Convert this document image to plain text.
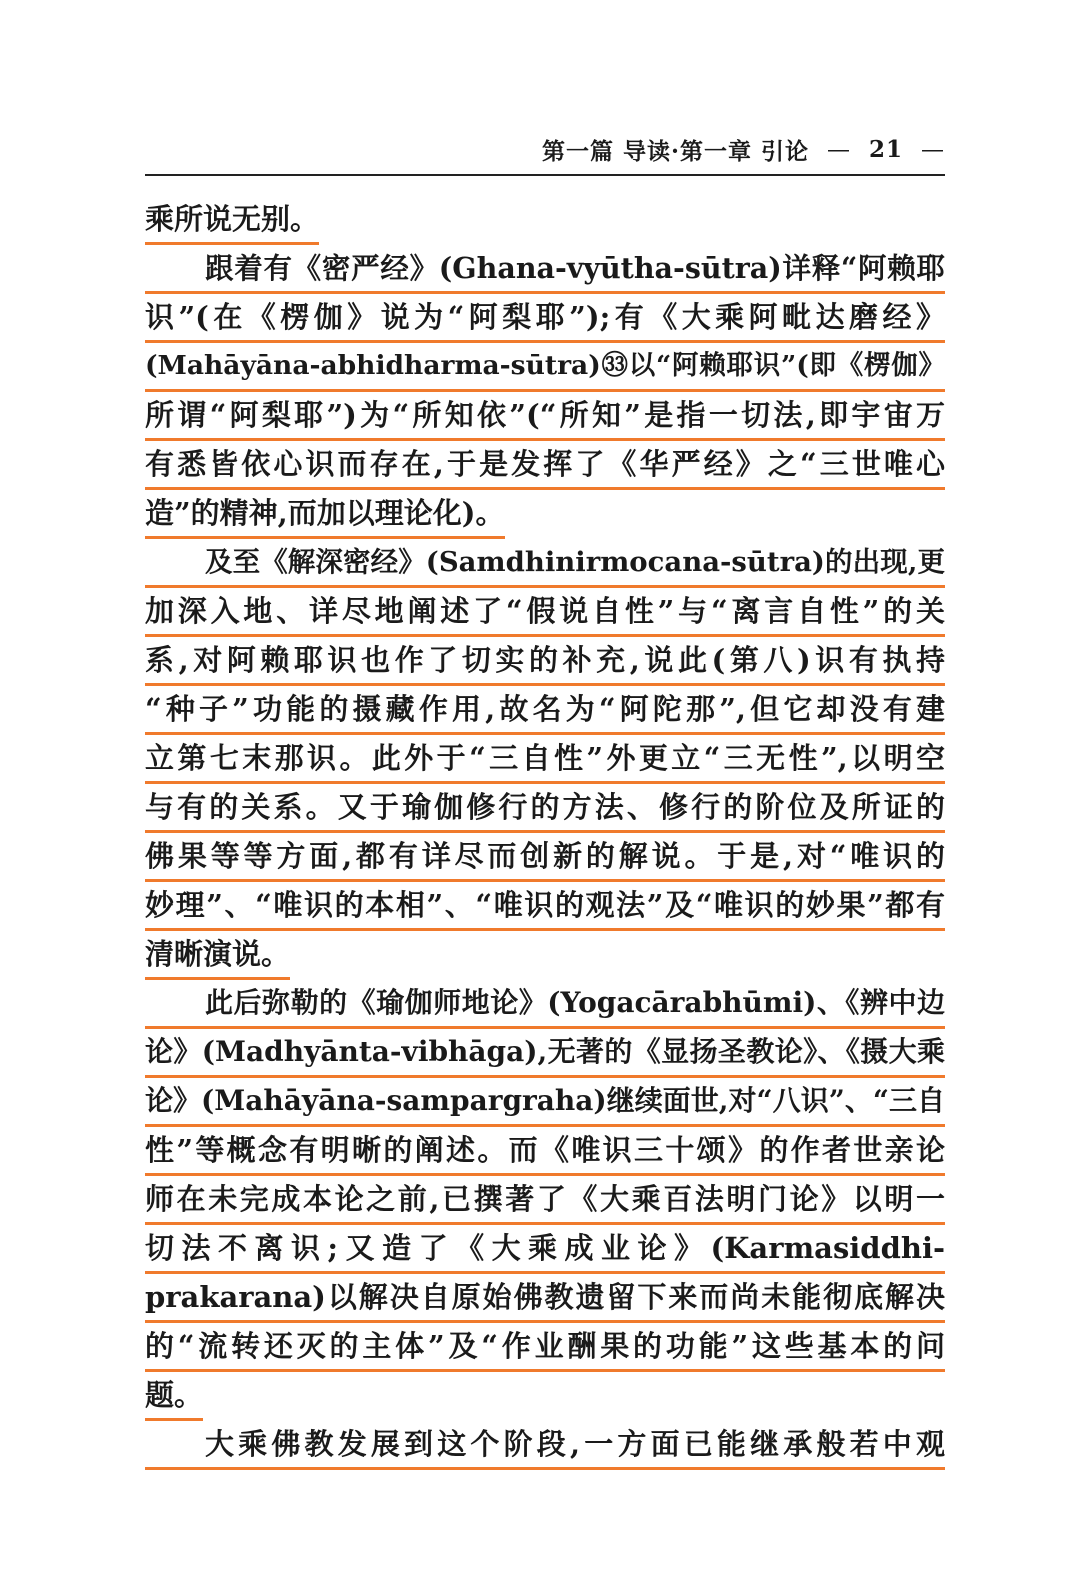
第一篇 导读·第一章 引论 — 21 —
乘所说无别。
跟着有《密严经》(Ghana-vyūtha-sūtra)详释“阿赖耶
识”(在《楞伽》说为“阿梨耶”);有《大乘阿毗达磨经》
(Mahāyāna-abhidharma-sūtra)㉝以“阿赖耶识”(即《楞伽》
所谓“阿梨耶”)为“所知依”(“所知”是指一切法,即宇宙万
有悉皆依心识而存在,于是发挥了《华严经》之“三世唯心
造”的精神,而加以理论化)。
及至《解深密经》(Samdhinirmocana-sūtra)的出现,更
加深入地、详尽地阐述了“假说自性”与“离言自性”的关
系,对阿赖耶识也作了切实的补充,说此(第八)识有执持
“种子”功能的摄藏作用,故名为“阿陀那”,但它却没有建
立第七末那识。此外于“三自性”外更立“三无性”,以明空
与有的关系。又于瑜伽修行的方法、修行的阶位及所证的
佛果等等方面,都有详尽而创新的解说。于是,对“唯识的
妙理”、“唯识的本相”、“唯识的观法”及“唯识的妙果”都有
清晰演说。
此后弥勒的《瑜伽师地论》(Yogacārabhūmi)、《辨中边
论》(Madhyānta-vibhāga),无著的《显扬圣教论》、《摄大乘
论》(Mahāyāna-sampargraha)继续面世,对“八识”、“三自
性”等概念有明晰的阐述。而《唯识三十颂》的作者世亲论
师在未完成本论之前,已撰著了《大乘百法明门论》以明一
切法不离识;又造了《大乘成业论》(Karmasiddhi-
prakarana)以解决自原始佛教遗留下来而尚未能彻底解决
的“流转还灭的主体”及“作业酬果的功能”这些基本的问
题。
大乘佛教发展到这个阶段,一方面已能继承般若中观
